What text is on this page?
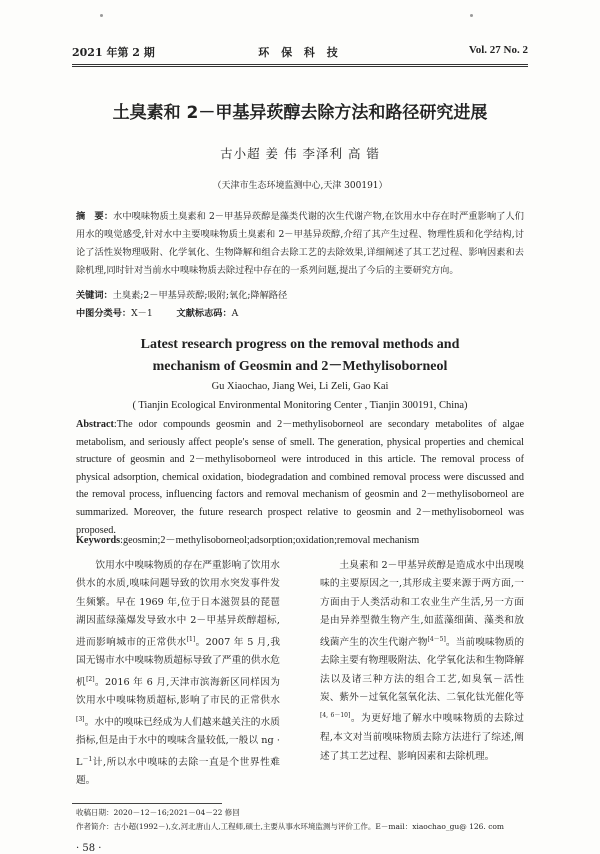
2021 年第 2 期	环 保 科 技	Vol. 27 No. 2
土臭素和 2－甲基异莰醇去除方法和路径研究进展
古小超 姜 伟 李泽利 高 锴
（天津市生态环境监测中心,天津 300191）
摘　要：水中嗅味物质土臭素和 2－甲基异莰醇是藻类代谢的次生代谢产物,在饮用水中存在时严重影响了人们用水的嗅觉感受,针对水中主要嗅味物质土臭素和 2－甲基异莰醇,介绍了其产生过程、物理性质和化学结构,讨论了活性炭物理吸附、化学氧化、生物降解和组合去除工艺的去除效果,详细阐述了其工艺过程、影响因素和去除机理,同时针对当前水中嗅味物质去除过程中存在的一系列问题,提出了今后的主要研究方向。
关键词：土臭素;2－甲基异莰醇;吸附;氧化;降解路径
中图分类号：X－1	文献标志码：A
Latest research progress on the removal methods and
mechanism of Geosmin and 2－Methylisoborneol
Gu Xiaochao, Jiang Wei, Li Zeli, Gao Kai
( Tianjin Ecological Environmental Monitoring Center , Tianjin 300191, China)
Abstract:The odor compounds geosmin and 2－methylisoborneol are secondary metabolites of algae metabolism, and seriously affect people′s sense of smell. The generation, physical properties and chemical structure of geosmin and 2－methylisoborneol were introduced in this article. The removal process of physical adsorption, chemical oxidation, biodegradation and combined removal process were discussed and the removal process, influencing factors and removal mechanism of geosmin and 2－methylisoborneol are summarized. Moreover, the future research prospect relative to geosmin and 2－methylisoborneol was proposed.
Keywords:geosmin;2－methylisoborneol;adsorption;oxidation;removal mechanism
饮用水中嗅味物质的存在严重影响了饮用水供水的水质,嗅味问题导致的饮用水突发事件发生频繁。早在 1969 年,位于日本滋贺县的琵琶湖因蓝绿藻爆发导致水中 2－甲基异莰醇超标,进而影响城市的正常供水[1]。2007 年 5 月,我国无锡市水中嗅味物质超标导致了严重的供水危机[2]。2016 年 6 月,天津市滨海新区同样因为饮用水中嗅味物质超标,影响了市民的正常供水[3]。水中的嗅味已经成为人们越来越关注的水质指标,但是由于水中的嗅味含量较低,一般以 ng · $L^{-1}$计,所以水中嗅味的去除一直是个世界性难题。
土臭素和 2－甲基异莰醇是造成水中出现嗅味的主要原因之一,其形成主要来源于两方面,一方面由于人类活动和工农业生产生活,另一方面是由异养型微生物产生,如蓝藻细菌、藻类和放线菌产生的次生代谢产物[4－5]。当前嗅味物质的去除主要有物理吸附法、化学氧化法和生物降解法以及诸三种方法的组合工艺,如臭氧－活性炭、紫外－过氧化氢氧化法、二氧化钛光催化等[4, 6－10]。为更好地了解水中嗅味物质的去除过程,本文对当前嗅味物质去除方法进行了综述,阐述了其工艺过程、影响因素和去除机理。
收稿日期：2020－12－16;2021－04－22 修回
作者简介：古小超(1992－),女,河北唐山人,工程师,硕士,主要从事水环境监测与评价工作。E－mail：xiaochao_gu@ 126. com
· 58 ·
